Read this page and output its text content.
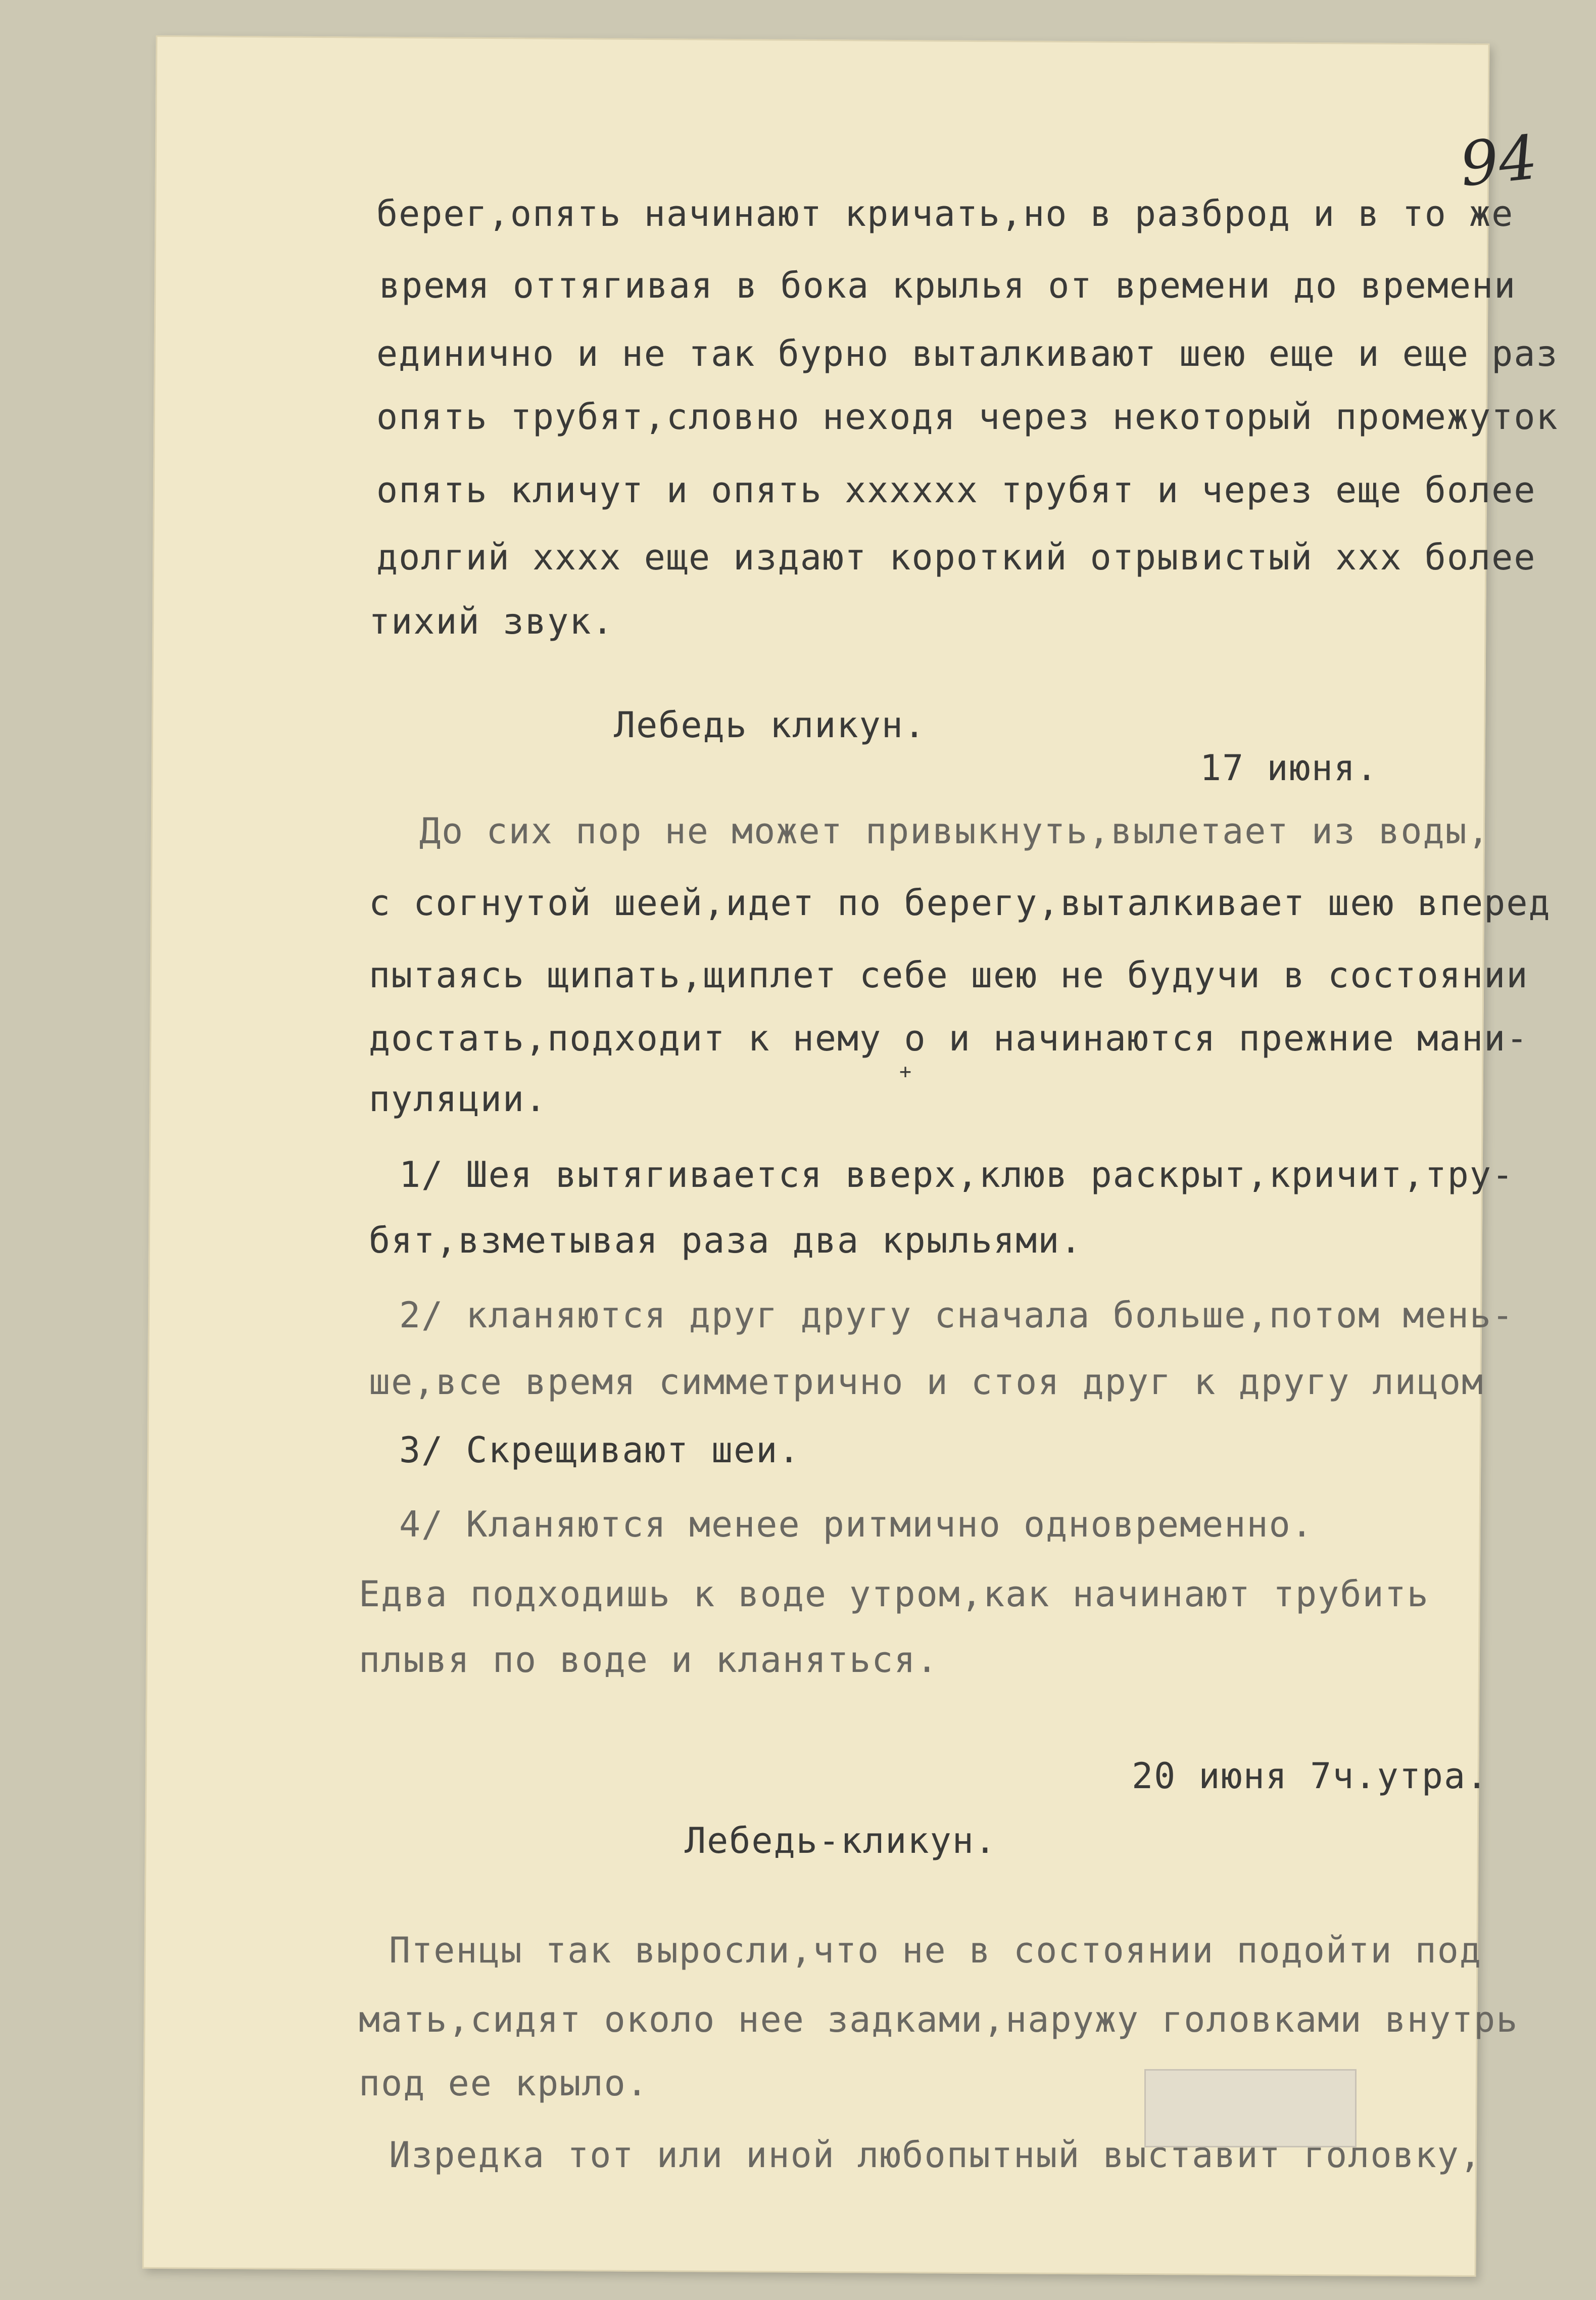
94
берег,опять начинают кричать,но в разброд и в то же
время оттягивая в бока крылья от времени до времени
единично и не так бурно выталкивают шею еще и еще раз
опять трубят,словно неходя через некоторый промежуток
опять кличут и опять xxxxxx трубят и через еще более
долгий xxxx еще издают короткий отрывистый xxx более
тихий звук.
Лебедь кликун.
17 июня.
До сих пор не может привыкнуть,вылетает из воды,
с согнутой шеей,идет по берегу,выталкивает шею вперед
пытаясь щипать,щиплет себе шею не будучи в состоянии
достать,подходит к нему о и начинаются прежние мани-
+
пуляции.
1/ Шея вытягивается вверх,клюв раскрыт,кричит,тру-
бят,взметывая раза два крыльями.
2/ кланяются друг другу сначала больше,потом мень-
ше,все время симметрично и стоя друг к другу лицом
3/ Скрещивают шеи.
4/ Кланяются менее ритмично одновременно.
Едва подходишь к воде утром,как начинают трубить
плывя по воде и кланяться.
20 июня 7ч.утра.
Лебедь-кликун.
Птенцы так выросли,что не в состоянии подойти под
мать,сидят около нее задками,наружу головками внутрь
под ее крыло.
Изредка тот или иной любопытный выставит головку,
